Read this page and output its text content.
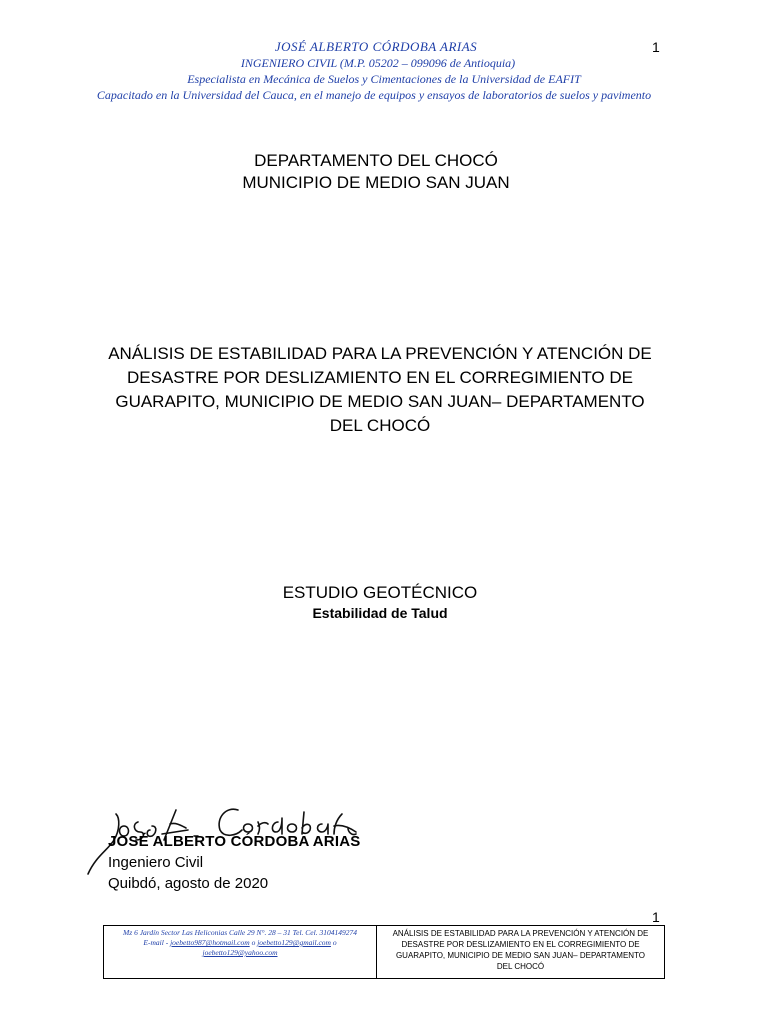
JOSÉ ALBERTO CÓRDOBA ARIAS	1
INGENIERO CIVIL (M.P. 05202 – 099096 de Antioquia)
Especialista en Mecánica de Suelos y Cimentaciones de la Universidad de EAFIT
Capacitado en la Universidad del Cauca, en el manejo de equipos y ensayos de laboratorios de suelos y pavimento
DEPARTAMENTO DEL CHOCÓ
MUNICIPIO DE MEDIO SAN JUAN
ANÁLISIS DE ESTABILIDAD PARA LA PREVENCIÓN Y ATENCIÓN DE
DESASTRE POR DESLIZAMIENTO EN EL CORREGIMIENTO DE
GUARAPITO, MUNICIPIO DE MEDIO SAN JUAN– DEPARTAMENTO
DEL CHOCÓ
ESTUDIO GEOTÉCNICO
Estabilidad de Talud
JOSÉ ALBERTO CÓRDOBA ARIAS
Ingeniero Civil
Quibdó, agosto de 2020
1
Mz 6 Jardín Sector Las Heliconias Calle 29 N°. 28 – 31 Tel. Cel. 3104149274
E-mail - joebetto987@hotmail.com o joebetto129@gmail.com o joebetto129@yahoo.com
ANÁLISIS DE ESTABILIDAD PARA LA PREVENCIÓN Y ATENCIÓN DE
DESASTRE POR DESLIZAMIENTO EN EL CORREGIMIENTO DE
GUARAPITO, MUNICIPIO DE MEDIO SAN JUAN– DEPARTAMENTO
DEL CHOCÓ
